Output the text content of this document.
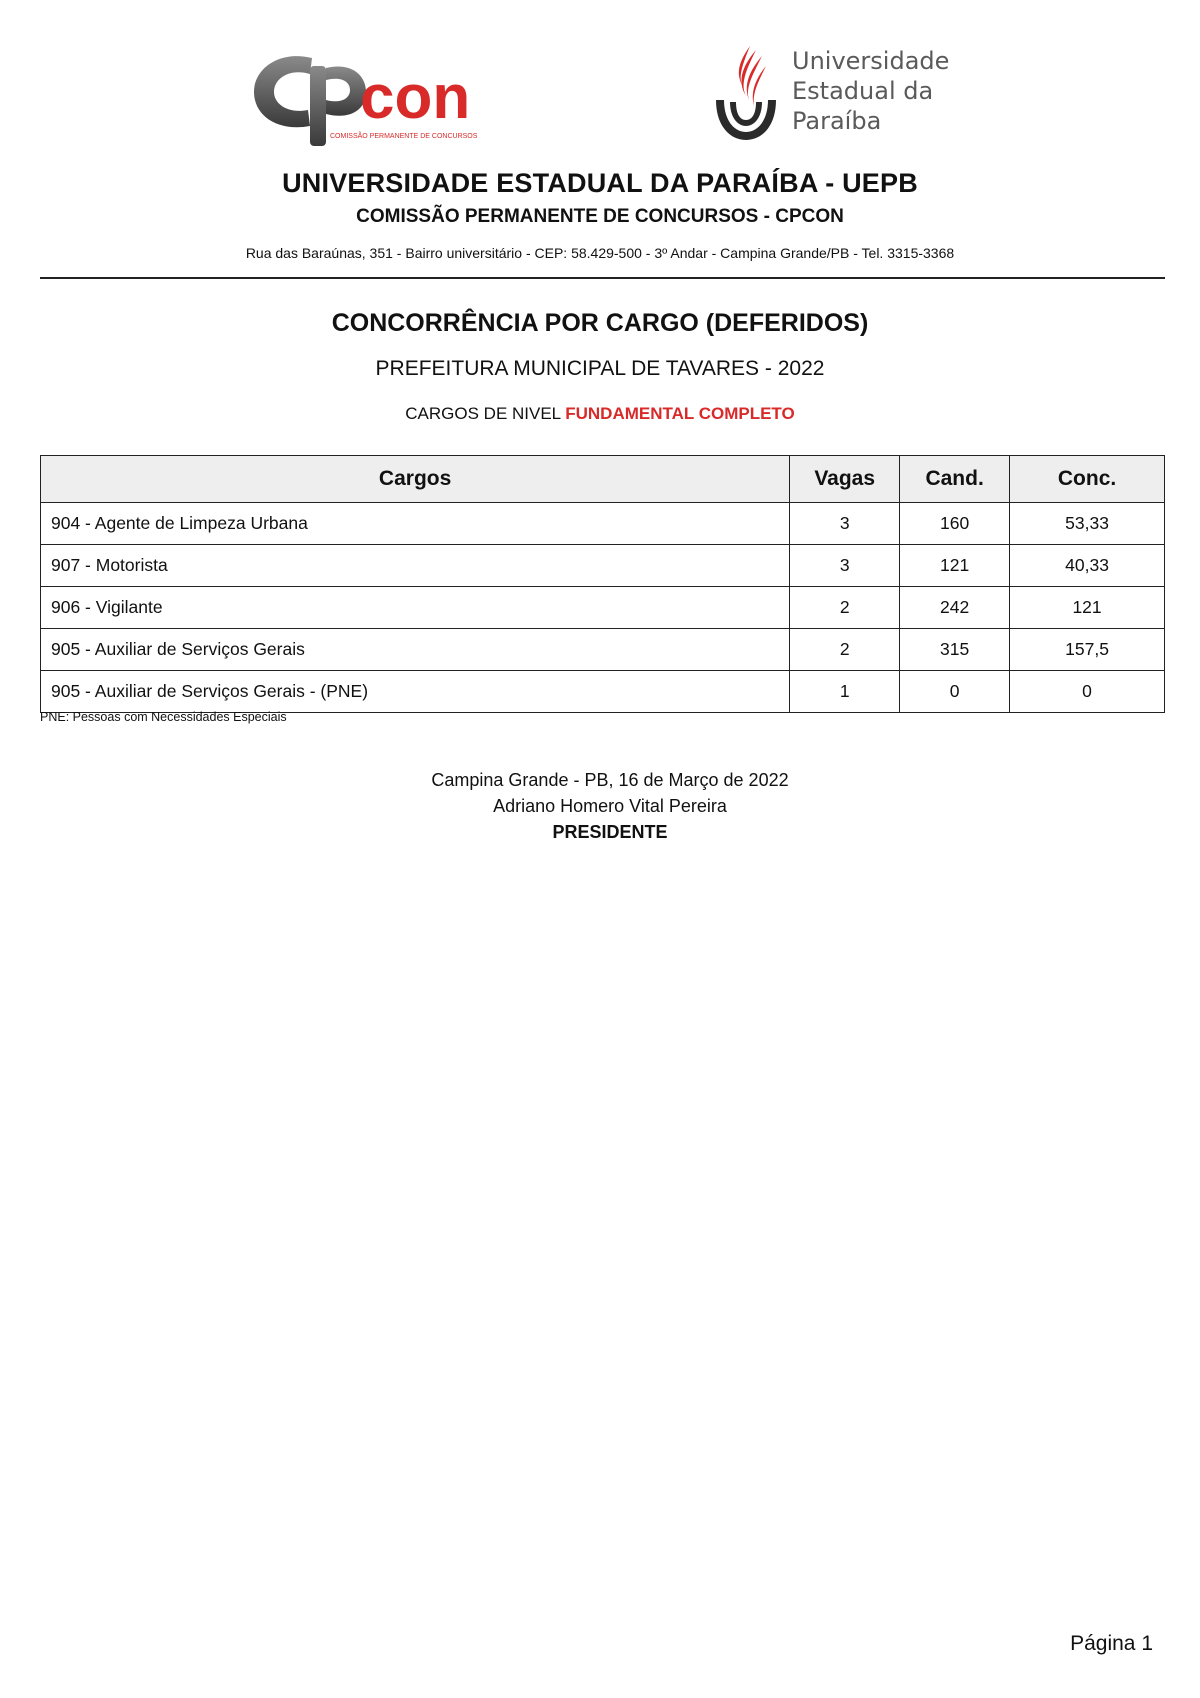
con
COMISSÃO PERMANENTE DE CONCURSOS
Universidade
Estadual da
Paraíba
UNIVERSIDADE ESTADUAL DA PARAÍBA - UEPB
COMISSÃO PERMANENTE DE CONCURSOS - CPCON
Rua das Baraúnas, 351 - Bairro universitário - CEP: 58.429-500 - 3º Andar - Campina Grande/PB - Tel. 3315-3368
CONCORRÊNCIA POR CARGO (DEFERIDOS)
PREFEITURA MUNICIPAL DE TAVARES - 2022
CARGOS DE NIVEL FUNDAMENTAL COMPLETO
Cargos	Vagas	Cand.	Conc.
904 - Agente de Limpeza Urbana	3	160	53,33
907 - Motorista	3	121	40,33
906 - Vigilante	2	242	121
905 - Auxiliar de Serviços Gerais	2	315	157,5
905 - Auxiliar de Serviços Gerais - (PNE)	1	0	0
PNE: Pessoas com Necessidades Especiais
Campina Grande - PB, 16 de Março de 2022
Adriano Homero Vital Pereira
PRESIDENTE
Página 1
